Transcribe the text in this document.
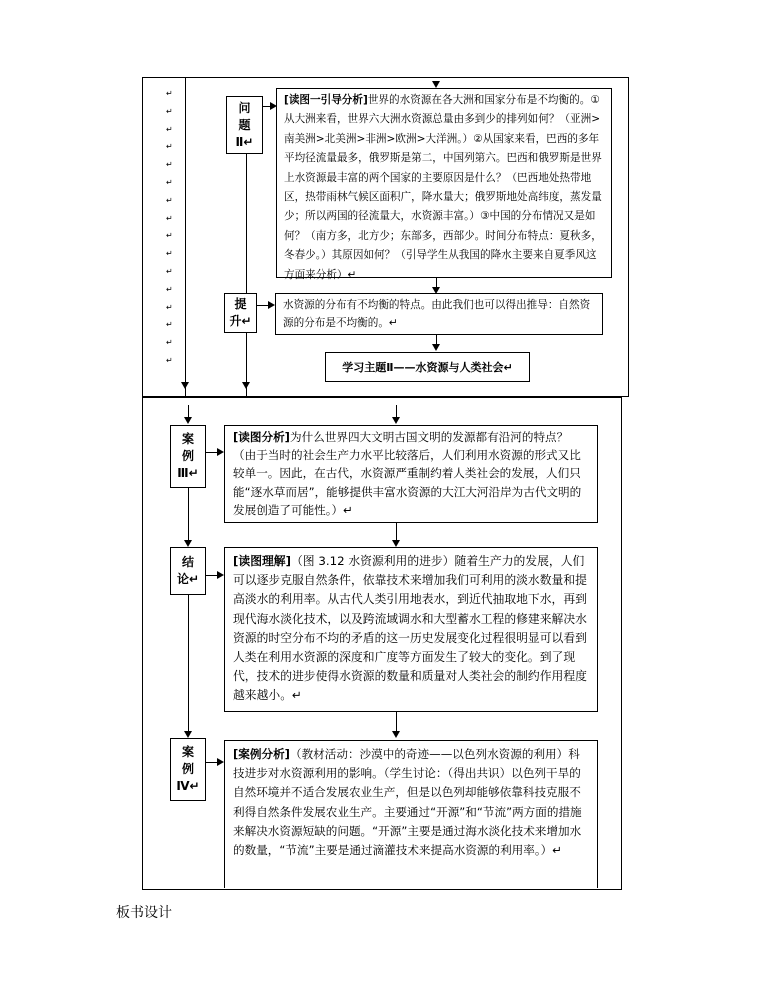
↵
↵
↵
↵
↵
↵
↵
↵
↵
↵
↵
↵
↵
↵
↵
↵
问
题
Ⅱ↵
[读图一引导分析]世界的水资源在各大洲和国家分布是不均衡的。①从大洲来看，世界六大洲水资源总量由多到少的排列如何？（亚洲>南美洲>北美洲>非洲>欧洲>大洋洲。）②从国家来看，巴西的多年平均径流量最多，俄罗斯是第二，中国列第六。巴西和俄罗斯是世界上水资源最丰富的两个国家的主要原因是什么？（巴西地处热带地区，热带雨林气候区面积广，降水量大；俄罗斯地处高纬度，蒸发量少；所以两国的径流量大，水资源丰富。）③中国的分布情况又是如何？（南方多，北方少；东部多，西部少。时间分布特点：夏秋多，冬春少。）其原因如何？（引导学生从我国的降水主要来自夏季风这方面来分析）↵
提
升↵
水资源的分布有不均衡的特点。由此我们也可以得出推导：自然资源的分布是不均衡的。↵
学习主题Ⅱ——水资源与人类社会↵
案
例
Ⅲ↵
[读图分析]为什么世界四大文明古国文明的发源都有沿河的特点？（由于当时的社会生产力水平比较落后，人们利用水资源的形式又比较单一。因此，在古代，水资源严重制约着人类社会的发展，人们只能“逐水草而居”，能够提供丰富水资源的大江大河沿岸为古代文明的发展创造了可能性。）↵
结
论↵
[读图理解]（图 3.12 水资源利用的进步）随着生产力的发展，人们可以逐步克服自然条件，依靠技术来增加我们可利用的淡水数量和提高淡水的利用率。从古代人类引用地表水，到近代抽取地下水，再到现代海水淡化技术，以及跨流域调水和大型蓄水工程的修建来解决水资源的时空分布不均的矛盾的这一历史发展变化过程很明显可以看到人类在利用水资源的深度和广度等方面发生了较大的变化。到了现代，技术的进步使得水资源的数量和质量对人类社会的制约作用程度越来越小。↵
案
例
Ⅳ↵
[案例分析]（教材活动：沙漠中的奇迹——以色列水资源的利用）科技进步对水资源利用的影响。（学生讨论：（得出共识）以色列干旱的自然环境并不适合发展农业生产，但是以色列却能够依靠科技克服不利得自然条件发展农业生产。主要通过“开源”和“节流”两方面的措施来解决水资源短缺的问题。“开源”主要是通过海水淡化技术来增加水的数量，“节流”主要是通过滴灌技术来提高水资源的利用率。）↵
板书设计
